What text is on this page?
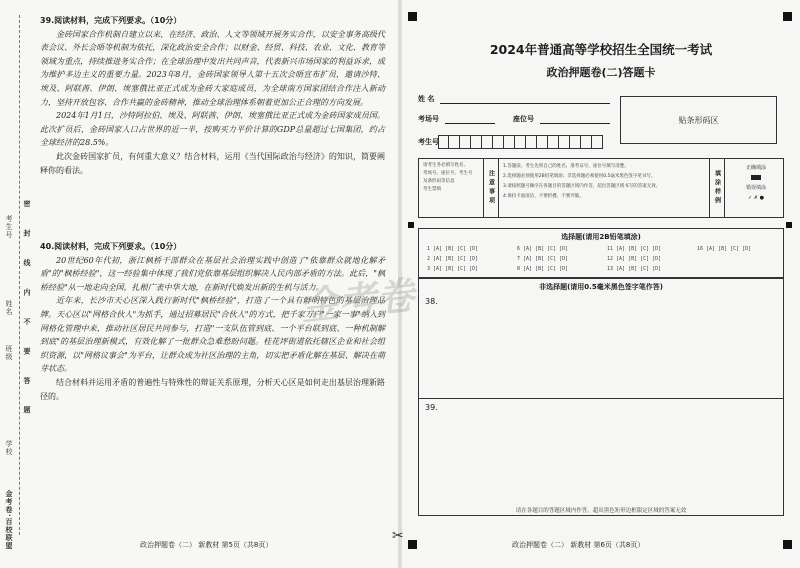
学校
班级
姓名
考生号 密 封 线 内 不 要 答 题
金考卷·百校联盟
39.阅读材料，完成下列要求。（10分）

金砖国家合作机制自建立以来，在经济、政治、人文等领域开展务实合作，以安全事务高级代表会议、外长会晤等机制为依托，深化政治安全合作；以财金、经贸、科技、农业、文化、教育等领域为重点，持续推进务实合作；在全球治理中发出共同声音，代表新兴市场国家的利益诉求，成为维护多边主义的重要力量。2023年8月，金砖国家领导人第十五次会晤宣布扩员，邀请沙特、埃及、阿联酋、伊朗、埃塞俄比亚正式成为金砖大家庭成员，为全球南方国家团结合作注入新动力，坚持开放包容、合作共赢的金砖精神，推动全球治理体系朝着更加公正合理的方向发展。

2024年1月1日，沙特阿拉伯、埃及、阿联酋、伊朗、埃塞俄比亚正式成为金砖国家成员国。此次扩员后，金砖国家人口占世界的近一半，按购买力平价计算的GDP总量超过七国集团，约占全球经济的28.5%。

此次金砖国家扩员，有何重大意义？结合材料，运用《当代国际政治与经济》的知识，简要阐释你的看法。

40.阅读材料，完成下列要求。（10分）

20世纪60年代初，浙江枫桥干部群众在基层社会治理实践中创造了"依靠群众就地化解矛盾"的"枫桥经验"，这一经验集中体现了我们党依靠基层组织解决人民内部矛盾的方法。此后，"枫桥经验"从一地走向全国，扎根广袤中华大地，在新时代焕发出新的生机与活力。

近年来，长沙市天心区深入践行新时代"枫桥经验"，打造了一个具有鲜明特色的基层治理品牌。天心区以"网格合伙人"为抓手，通过招募居民"合伙人"的方式，把千家万户"一家一事"纳入到网格化管理中来，推动社区居民共同参与，打造"一支队伍管到底、一个平台联到底、一种机制解到底"的基层治理新模式，有效化解了一批群众急难愁盼问题。桂花坪街道依托辖区企业和社会组织资源，以"网格议事会"为平台，让群众成为社区治理的主角，切实把矛盾化解在基层、解决在萌芽状态。

结合材料并运用矛盾的普遍性与特殊性的辩证关系原理，分析天心区是如何走出基层治理新路径的。

政治押题卷（二） 新教材 第5页（共8页）
✂
2024年普通高等学校招生全国统一考试
政治押题卷(二)答题卡
姓 名
考场号	座位号
考生号
贴条形码区
请考生务必填写姓名、
考场号、座位号、考生号
及条形码等信息
考生禁填	注意事项
1.答题前，考生先将自己的姓名、准考证号、座位号填写清楚。
2.选择题必须使用2B铅笔填涂；非选择题必须使用0.5毫米黑色签字笔书写。
3.请按照题号顺序在各题目的答题区域内作答，超出答题区域书写的答案无效。
4.保持卡面清洁，不要折叠、不要弄破。	填涂样例
正确填涂
错误填涂
✓ ✗ ●
选择题(请用2B铅笔填涂)
1 [A] [B] [C] [D]	6 [A] [B] [C] [D]	11 [A] [B] [C] [D]	16 [A] [B] [C] [D]
2 [A] [B] [C] [D]	7 [A] [B] [C] [D]	12 [A] [B] [C] [D]
3 [A] [B] [C] [D]	8 [A] [B] [C] [D]	13 [A] [B] [C] [D]
非选择题(请用0.5毫米黑色签字笔作答)
38.
39.
请在各题目的答题区域内作答，超出黑色矩形边框限定区域的答案无效
政治押题卷（二） 新教材 第6页（共8页）
金考卷
